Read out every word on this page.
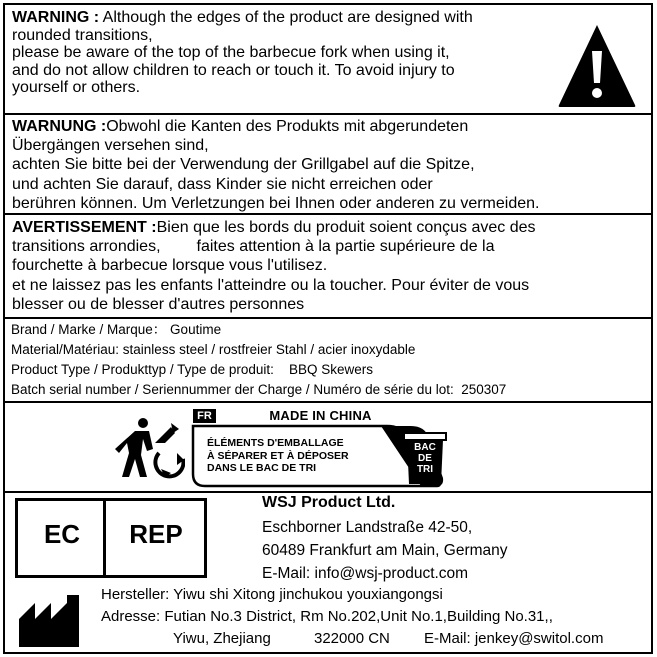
WARNING : Although the edges of the product are designed with
rounded transitions,
please be aware of the top of the barbecue fork when using it,
and do not allow children to reach or touch it. To avoid injury to
yourself or others.
WARNUNG :Obwohl die Kanten des Produkts mit abgerundeten
Übergängen versehen sind,
achten Sie bitte bei der Verwendung der Grillgabel auf die Spitze,
und achten Sie darauf, dass Kinder sie nicht erreichen oder
berühren können. Um Verletzungen bei Ihnen oder anderen zu vermeiden.
AVERTISSEMENT :Bien que les bords du produit soient conçus avec des
transitions arrondies, faites attention à la partie supérieure de la
fourchette à barbecue lorsque vous l'utilisez.
et ne laissez pas les enfants l'atteindre ou la toucher. Pour éviter de vous
blesser ou de blesser d'autres personnes
Brand / Marke / Marque： Goutime
Material/Matériau: stainless steel / rostfreier Stahl / acier inoxydable
Product Type / Produkttyp / Type de produit: BBQ Skewers
Batch serial number / Seriennummer der Charge / Numéro de série du lot: 250307
FR	MADE IN CHINA
ÉLÉMENTS D'EMBALLAGE
À SÉPARER ET À DÉPOSER
DANS LE BAC DE TRI
BAC
DE
TRI
EC	REP
WSJ Product Ltd.
Eschborner Landstraße 42-50,
60489 Frankfurt am Main, Germany
E-Mail: info@wsj-product.com
Hersteller: Yiwu shi Xitong jinchukou youxiangongsi
Adresse: Futian No.3 District, Rm No.202,Unit No.1,Building No.31,,
Yiwu, Zhejiang	322000 CN E-Mail: jenkey@switol.com
